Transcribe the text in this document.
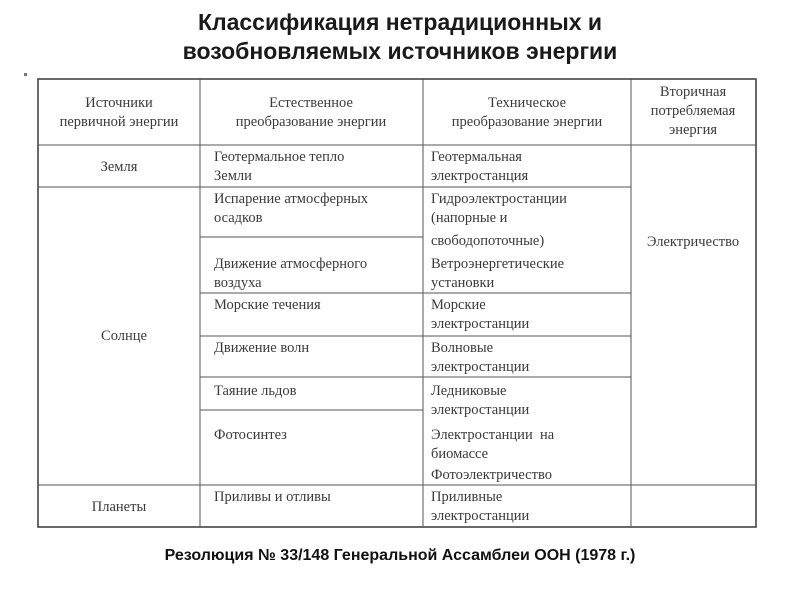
Классификация нетрадиционных и
возобновляемых источников энергии
Источники
первичной энергии
Естественное
преобразование энергии
Техническое
преобразование энергии
Вторичная
потребляемая
энергия
Земля
Солнце
Планеты
Геотермальное тепло
Земли
Испарение атмосферных
осадков
Движение атмосферного
воздуха
Морские течения
Движение волн
Таяние льдов
Фотосинтез
Приливы и отливы
Геотермальная
электростанция
Гидроэлектростанции
(напорные и
свободопоточные)
Ветроэнергетические
установки
Морские
электростанции
Волновые
электростанции
Ледниковые
электростанции
Электростанции  на
биомассе
Фотоэлектричество
Приливные
электростанции
Электричество
Резолюция № 33/148 Генеральной Ассамблеи ООН (1978 г.)
